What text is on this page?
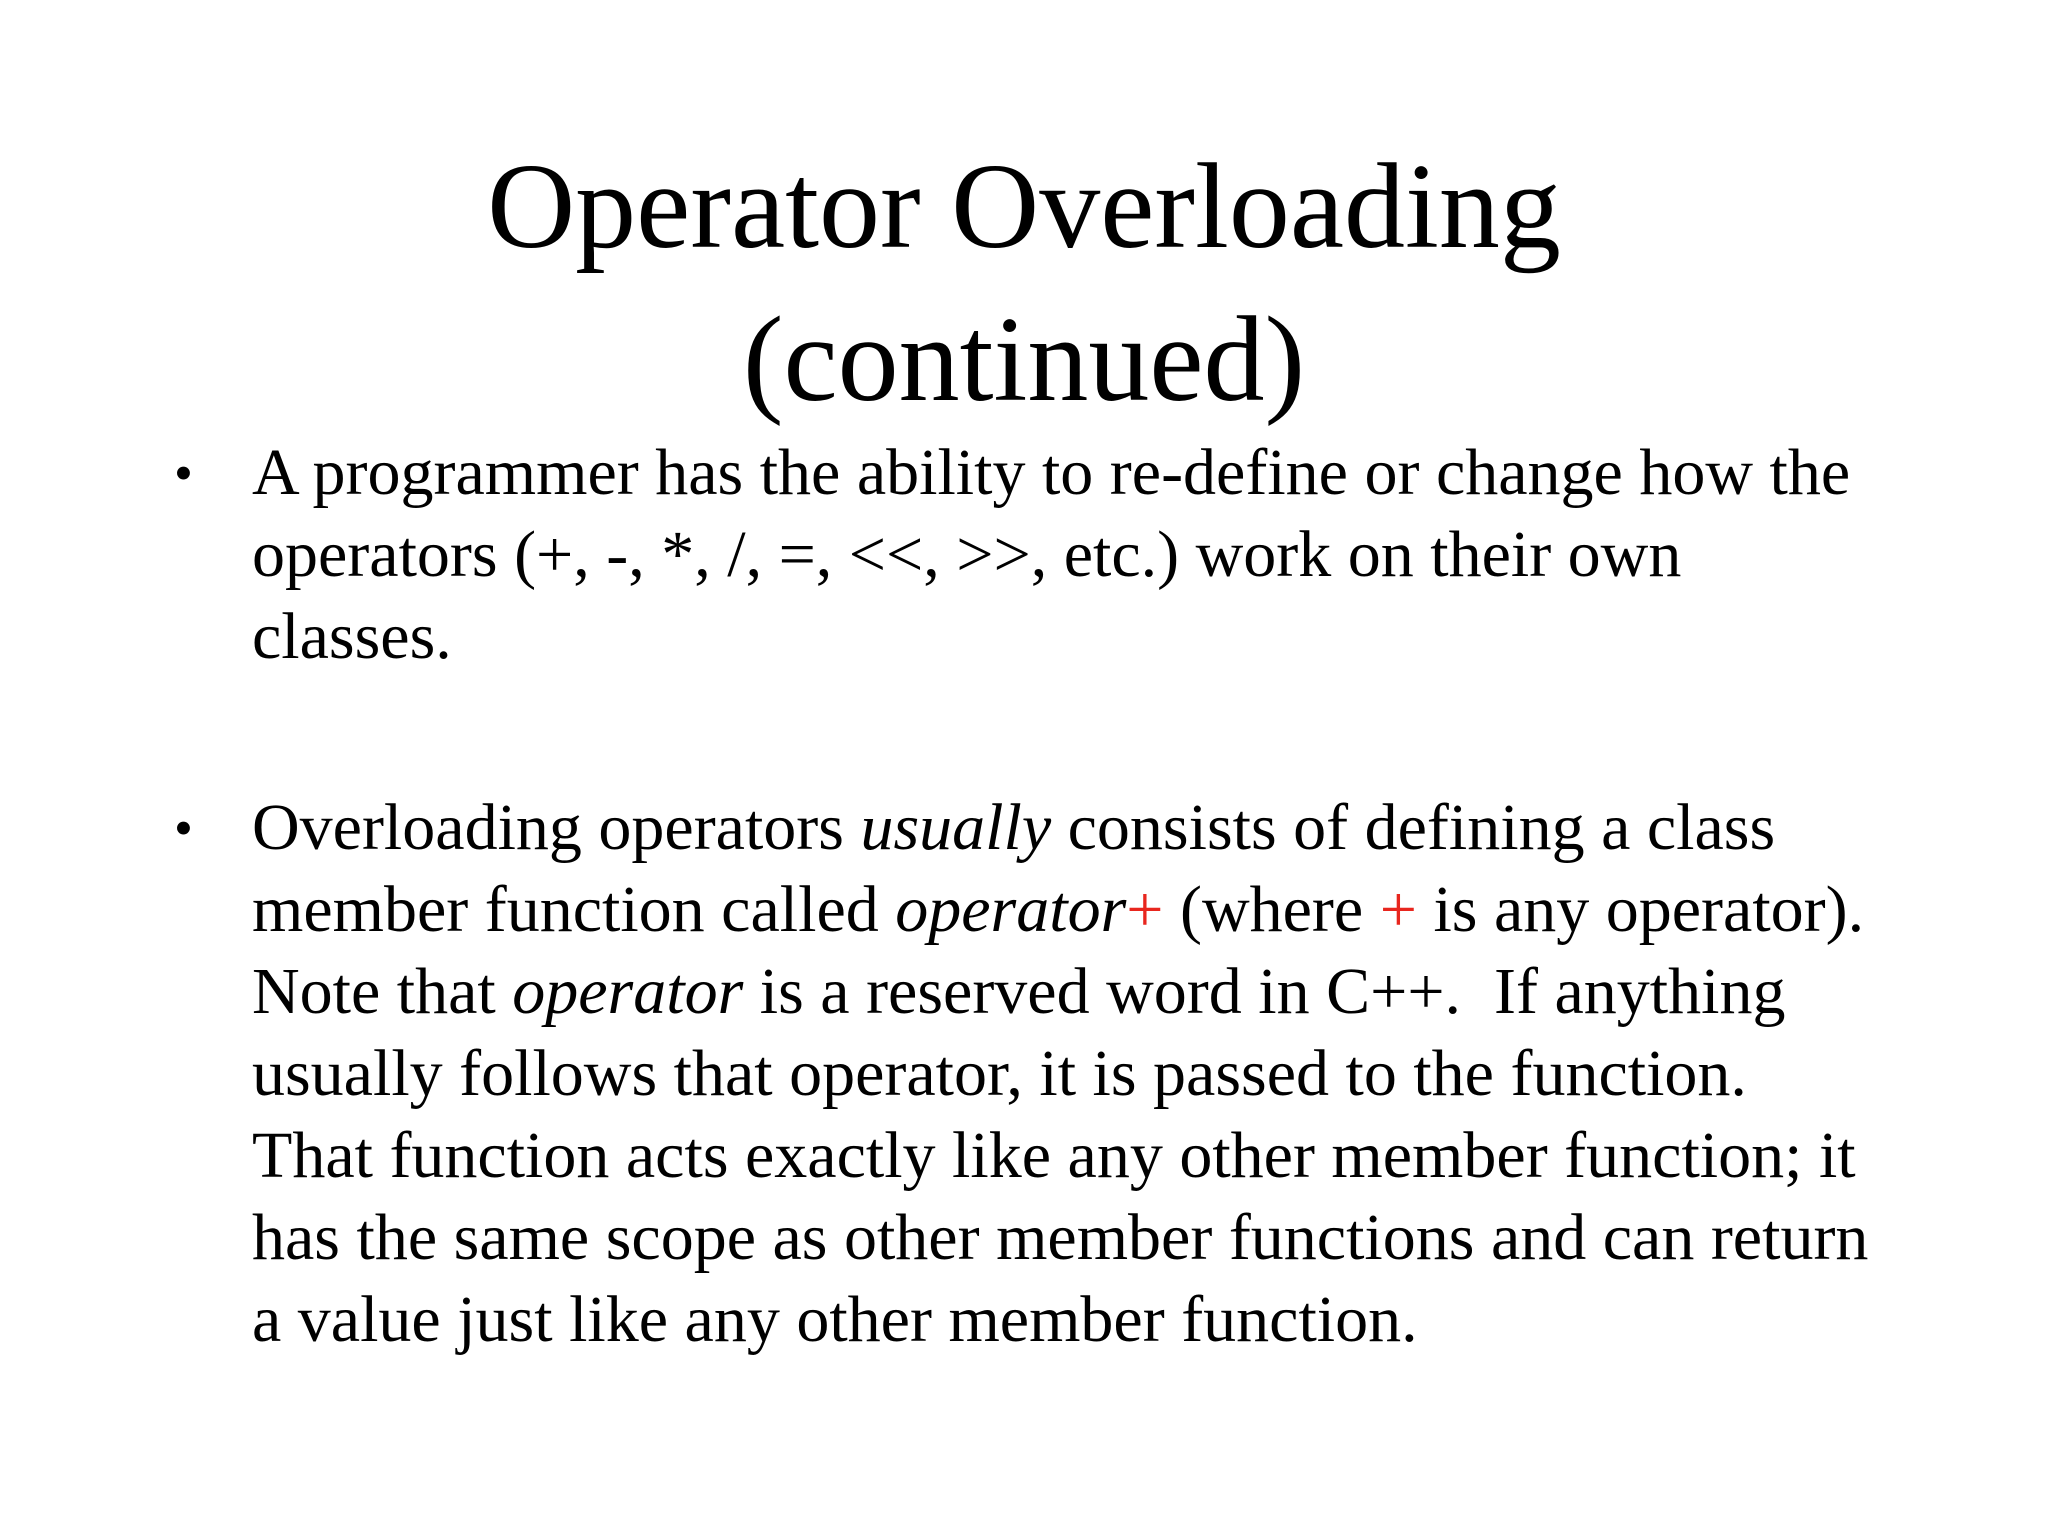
Operator Overloading
(continued)
• A programmer has the ability to re-define or change how the
operators (+, -, *, /, =, <<, >>, etc.) work on their own
classes.
• Overloading operators usually consists of defining a class
member function called operator+ (where + is any operator).
Note that operator is a reserved word in C++.  If anything
usually follows that operator, it is passed to the function.
That function acts exactly like any other member function; it
has the same scope as other member functions and can return
a value just like any other member function.
